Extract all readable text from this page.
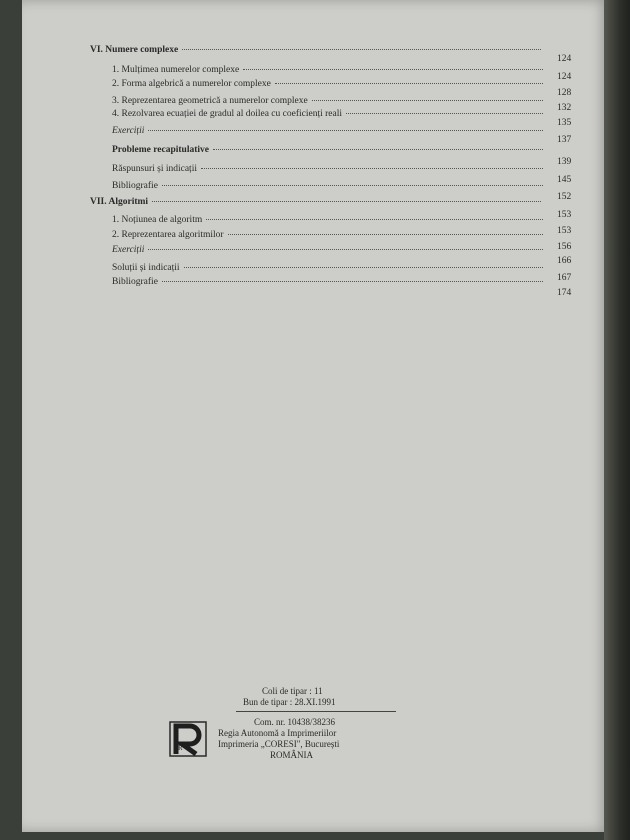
VI. Numere complexe
124
1. Mulțimea numerelor complexe
124
2. Forma algebrică a numerelor complexe
128
3. Reprezentarea geometrică a numerelor complexe
132
4. Rezolvarea ecuației de gradul al doilea cu coeficienți reali
135
Exerciții
137
Probleme recapitulative
139
Răspunsuri și indicații
145
Bibliografie
152
VII. Algoritmi
153
1. Noțiunea de algoritm
153
2. Reprezentarea algoritmilor
156
Exerciții
166
Soluții și indicații
167
Bibliografie
174
Coli de tipar : 11
Bun de tipar : 28.XI.1991
Com. nr. 10438/38236
Regia Autonomă a Imprimeriilor
Imprimeria „CORESI", București
ROMÂNIA
R
